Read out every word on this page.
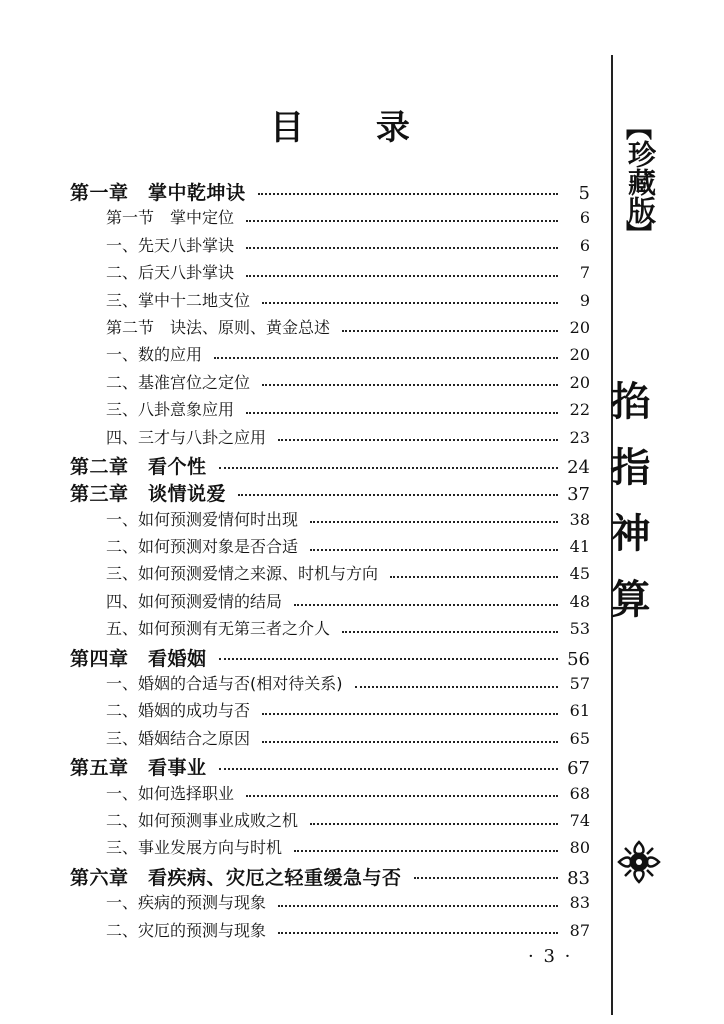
目 录
第一章　掌中乾坤诀	5
第一节　掌中定位	6
一、先天八卦掌诀	6
二、后天八卦掌诀	7
三、掌中十二地支位	9
第二节　诀法、原则、黄金总述	20
一、数的应用	20
二、基准宫位之定位	20
三、八卦意象应用	22
四、三才与八卦之应用	23
第二章　看个性	24
第三章　谈情说爱	37
一、如何预测爱情何时出现	38
二、如何预测对象是否合适	41
三、如何预测爱情之来源、时机与方向	45
四、如何预测爱情的结局	48
五、如何预测有无第三者之介人	53
第四章　看婚姻	56
一、婚姻的合适与否(相对待关系)	57
二、婚姻的成功与否	61
三、婚姻结合之原因	65
第五章　看事业	67
一、如何选择职业	68
二、如何预测事业成败之机	74
三、事业发展方向与时机	80
第六章　看疾病、灾厄之轻重缓急与否	83
一、疾病的预测与现象	83
二、灾厄的预测与现象	87
︻
珍藏版
︼
掐指神算
· 3 ·
